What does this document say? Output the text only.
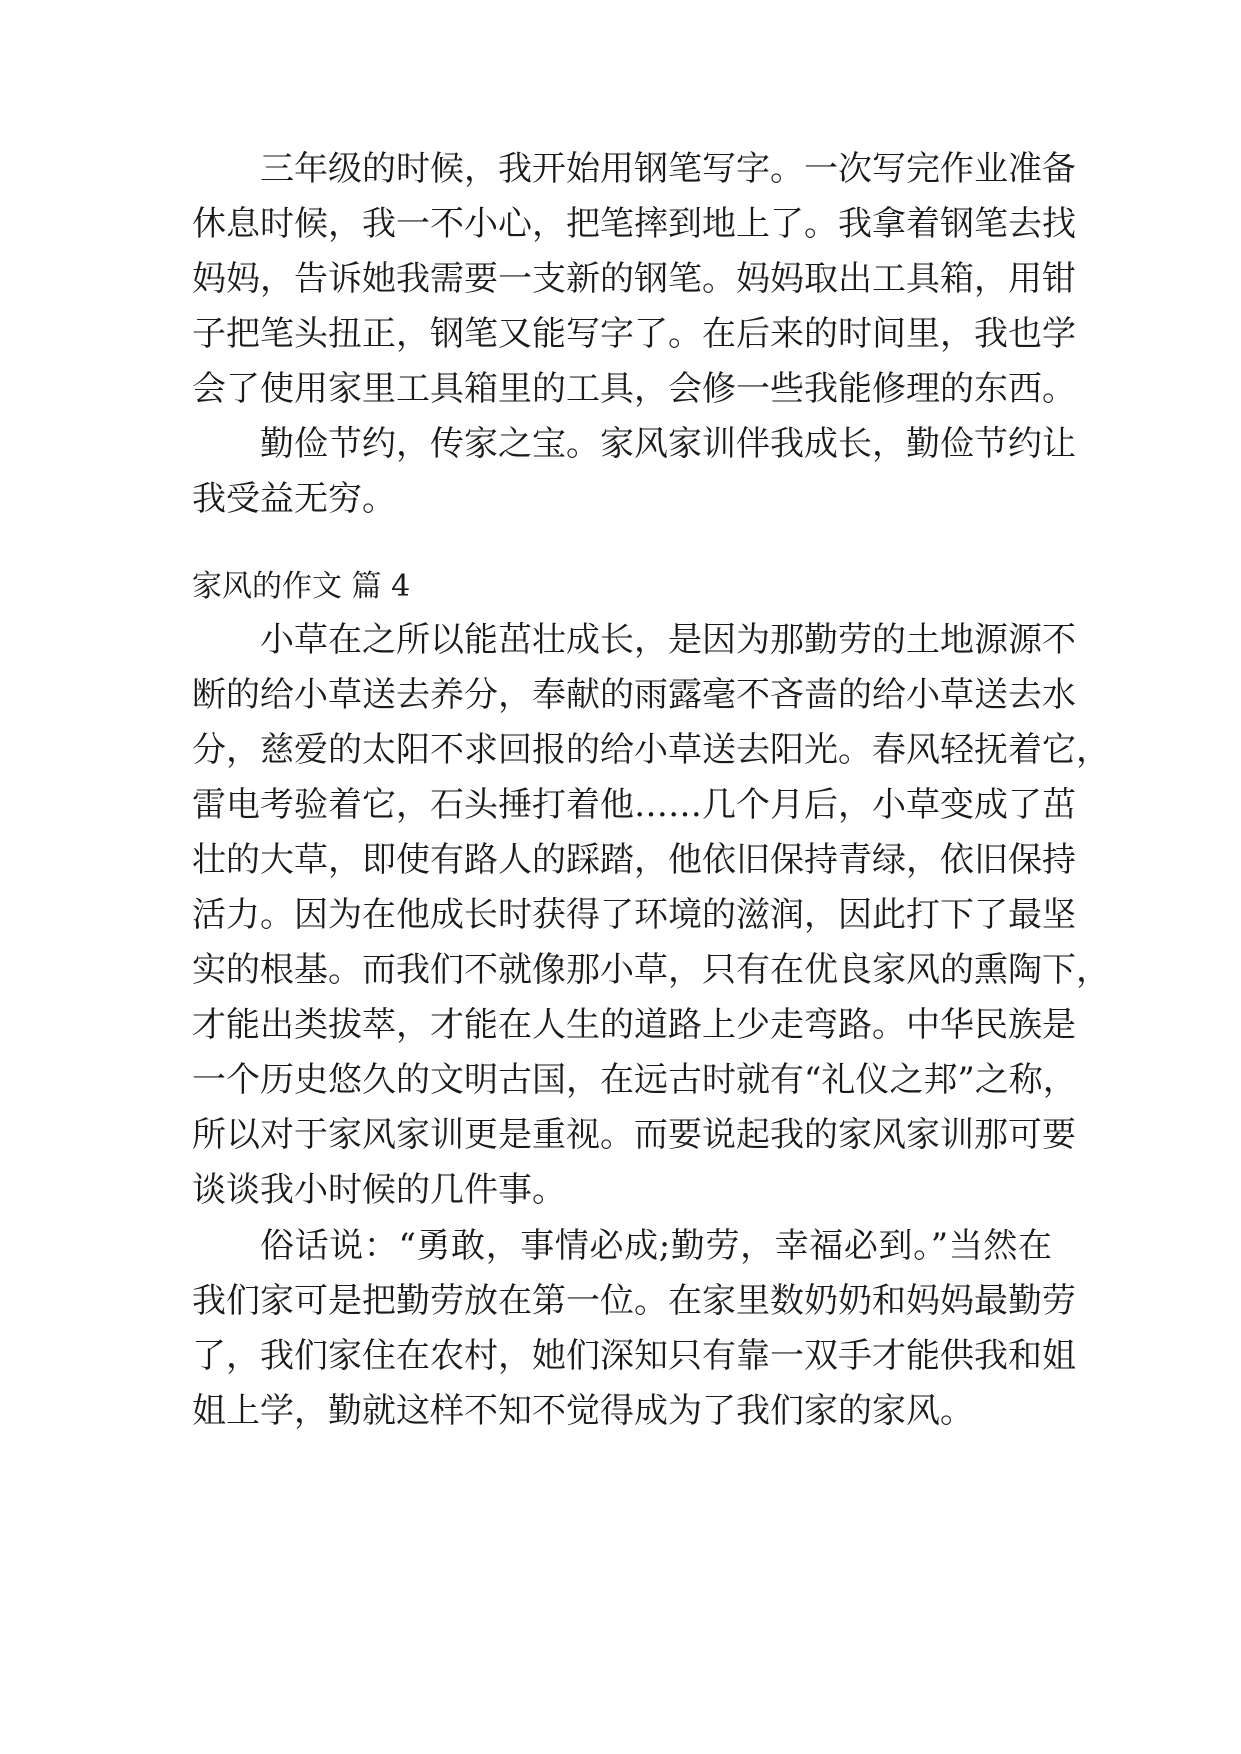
三年级的时候，我开始用钢笔写字。一次写完作业准备
休息时候，我一不小心，把笔摔到地上了。我拿着钢笔去找
妈妈，告诉她我需要一支新的钢笔。妈妈取出工具箱，用钳
子把笔头扭正，钢笔又能写字了。在后来的时间里，我也学
会了使用家里工具箱里的工具，会修一些我能修理的东西。
勤俭节约，传家之宝。家风家训伴我成长，勤俭节约让
我受益无穷。
家风的作文 篇 4
小草在之所以能茁壮成长，是因为那勤劳的土地源源不
断的给小草送去养分，奉献的雨露毫不吝啬的给小草送去水
分，慈爱的太阳不求回报的给小草送去阳光。春风轻抚着它，
雷电考验着它，石头捶打着他……几个月后，小草变成了茁
壮的大草，即使有路人的踩踏，他依旧保持青绿，依旧保持
活力。因为在他成长时获得了环境的滋润，因此打下了最坚
实的根基。而我们不就像那小草，只有在优良家风的熏陶下，
才能出类拔萃，才能在人生的道路上少走弯路。中华民族是
一个历史悠久的文明古国，在远古时就有“礼仪之邦”之称，
所以对于家风家训更是重视。而要说起我的家风家训那可要
谈谈我小时候的几件事。
俗话说：“勇敢，事情必成;勤劳，幸福必到。”当然在
我们家可是把勤劳放在第一位。在家里数奶奶和妈妈最勤劳
了，我们家住在农村，她们深知只有靠一双手才能供我和姐
姐上学，勤就这样不知不觉得成为了我们家的家风。
